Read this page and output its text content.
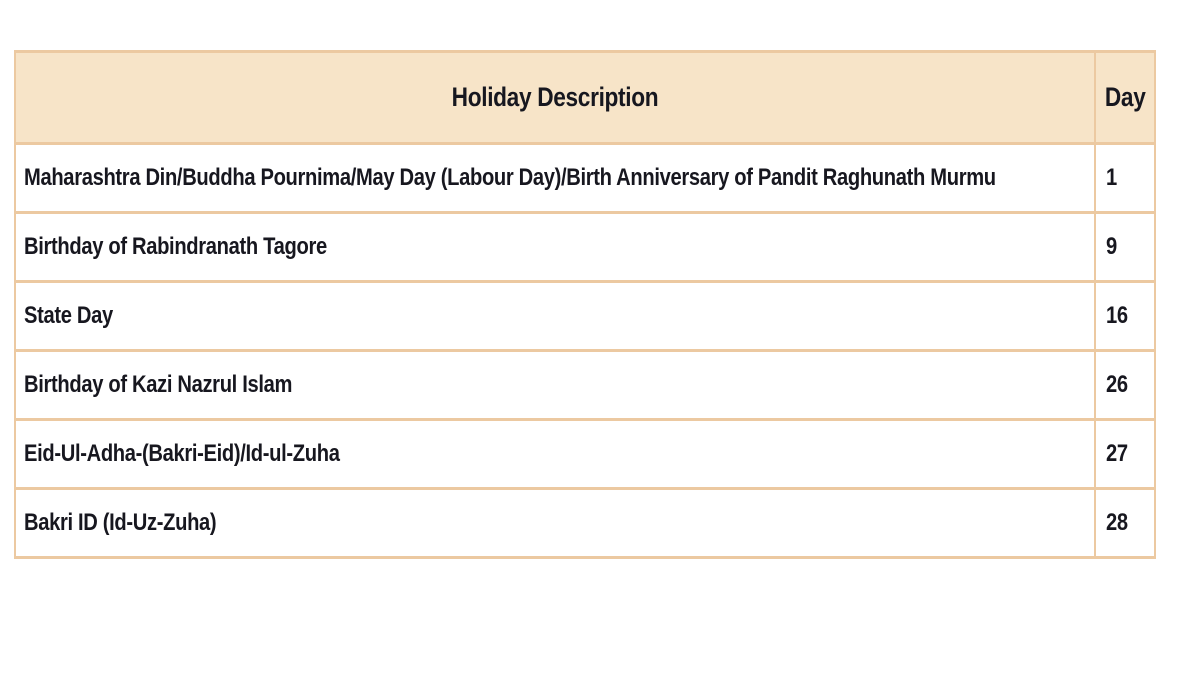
Holiday Description	Day
Maharashtra Din/Buddha Pournima/May Day (Labour Day)/Birth Anniversary of Pandit Raghunath Murmu	1
Birthday of Rabindranath Tagore	9
State Day	16
Birthday of Kazi Nazrul Islam	26
Eid-Ul-Adha-(Bakri-Eid)/Id-ul-Zuha	27
Bakri ID (Id-Uz-Zuha)	28
